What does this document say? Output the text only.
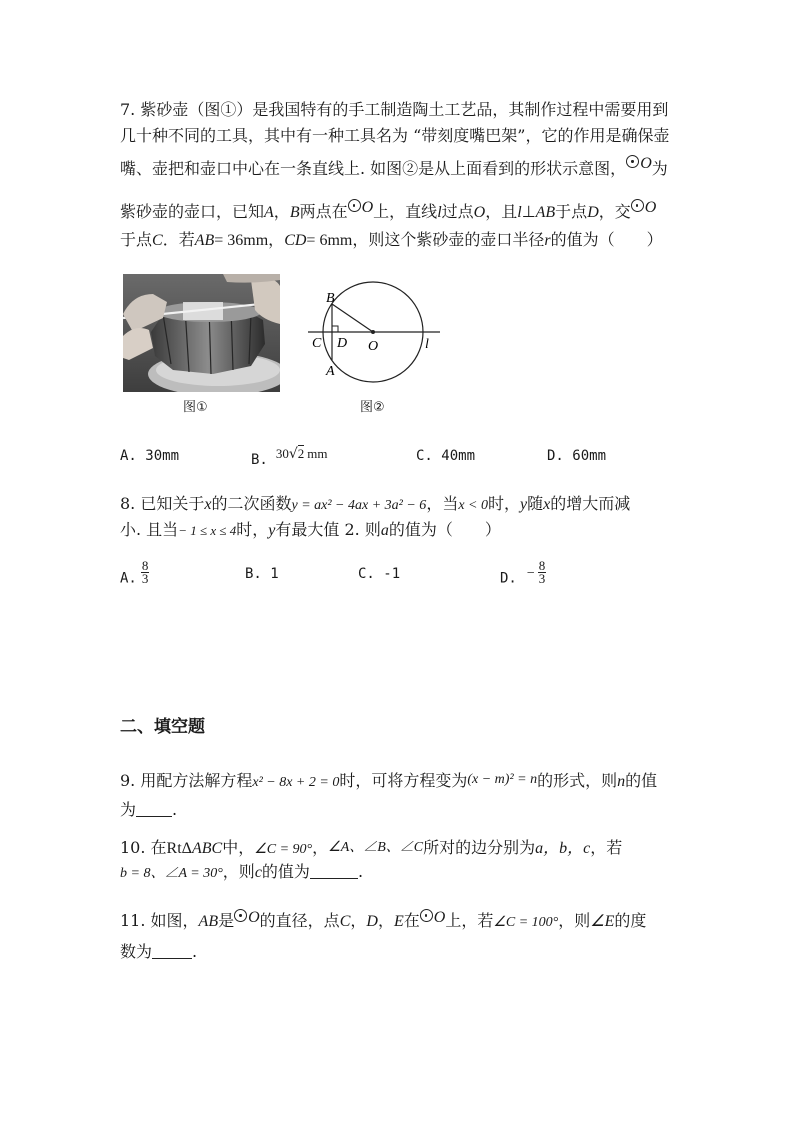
7. 紫砂壶（图①）是我国特有的手工制造陶土工艺品，其制作过程中需要用到
几十种不同的工具，其中有一种工具名为 “带刻度嘴巴架”，它的作用是确保壶
嘴、壶把和壶口中心在一条直线上. 如图②是从上面看到的形状示意图， O为
紫砂壶的壶口，已知A，B两点在 O上，直线l过点O，且l⊥AB于点D，交 O
于点C．若AB= 36mm，CD= 6mm，则这个紫砂壶的壶口半径r的值为（　　）
图①
B
C D O
A
l
图②
A. 30mm	B. 30√2 mm	C. 40mm	D. 60mm
8. 已知关于x的二次函数y = ax² − 4ax + 3a² − 6，当x < 0时，y随x的增大而减
小. 且当− 1 ≤ x ≤ 4时，y有最大值 2. 则a的值为（　　）
A. $\frac{8}{3}$	B. 1	C. -1	D. − $\frac{8}{3}$
二、填空题
9. 用配方法解方程x² − 8x + 2 = 0时，可将方程变为(x − m)² = n的形式，则n的值
为 .
10. 在RtΔABC中，∠C = 90°，∠A、∠B、∠C所对的边分别为a，b，c，若
b = 8、∠A = 30°，则c的值为	.
11. 如图，AB是 O的直径，点C，D，E在 O上，若∠C = 100°，则∠E的度
数为	.
